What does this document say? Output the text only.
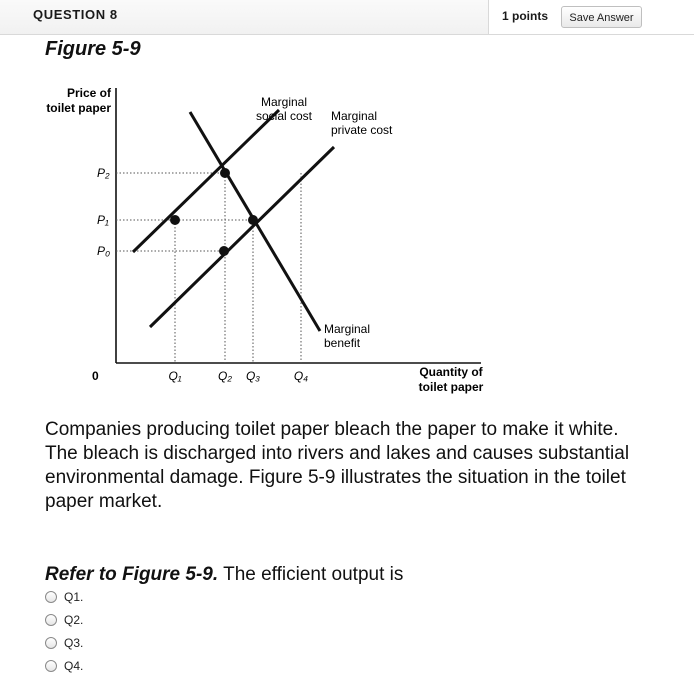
QUESTION 8	1 points	Save Answer
Figure 5-9
Price of
toilet paper
Quantity of
toilet paper
0
P₂
P₁
P₀
Q₁	Q₂ Q₃	Q₄
Marginal
social cost Marginal
private cost
Marginal
benefit
Companies producing toilet paper bleach the paper to make it white. The bleach is discharged into rivers and lakes and causes substantial environmental damage. Figure 5-9 illustrates the situation in the toilet paper market.
Refer to Figure 5-9. The efficient output is
Q1.
Q2.
Q3.
Q4.
